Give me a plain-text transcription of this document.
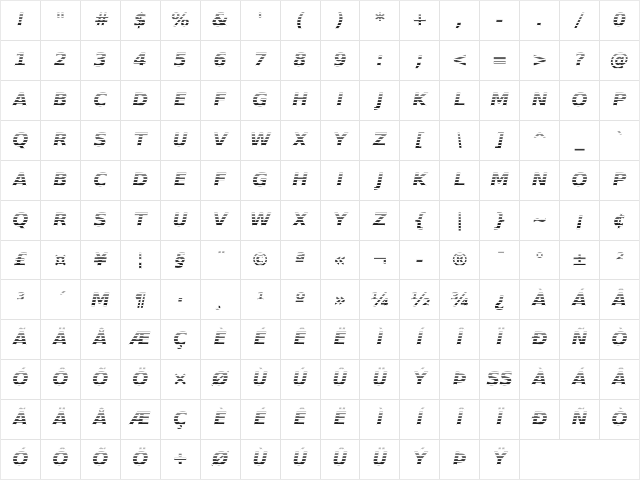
! " # $ % & ' ( ) * + , - . / 0
1 2 3 4 5 6 7 8 9 : ; < = > ? @
A B C D E F G H I J K L M N O P
Q R S T U V W X Y Z [ \ ] ^ _ `
A B C D E F G H I J K L M N O P
Q R S T U V W X Y Z { | } ~ ¡ ¢
£ ¤ ¥ ¦ § ¨ © ª « ¬ - ® ¯ ° ± ²
³ ´ Μ ¶ · ¸ ¹ º » ¼ ½ ¾ ¿ À Á Â
Ã Ä Å Æ Ç È É Ê Ë Ì Í Î Ï Ð Ñ Ò
Ó Ô Õ Ö × Ø Ù Ú Û Ü Ý Þ SS À Á Â
Ã Ä Å Æ Ç È É Ê Ë Ì Í Î Ï Ð Ñ Ò
Ó Ô Õ Ö ÷ Ø Ù Ú Û Ü Ý Þ Ÿ
